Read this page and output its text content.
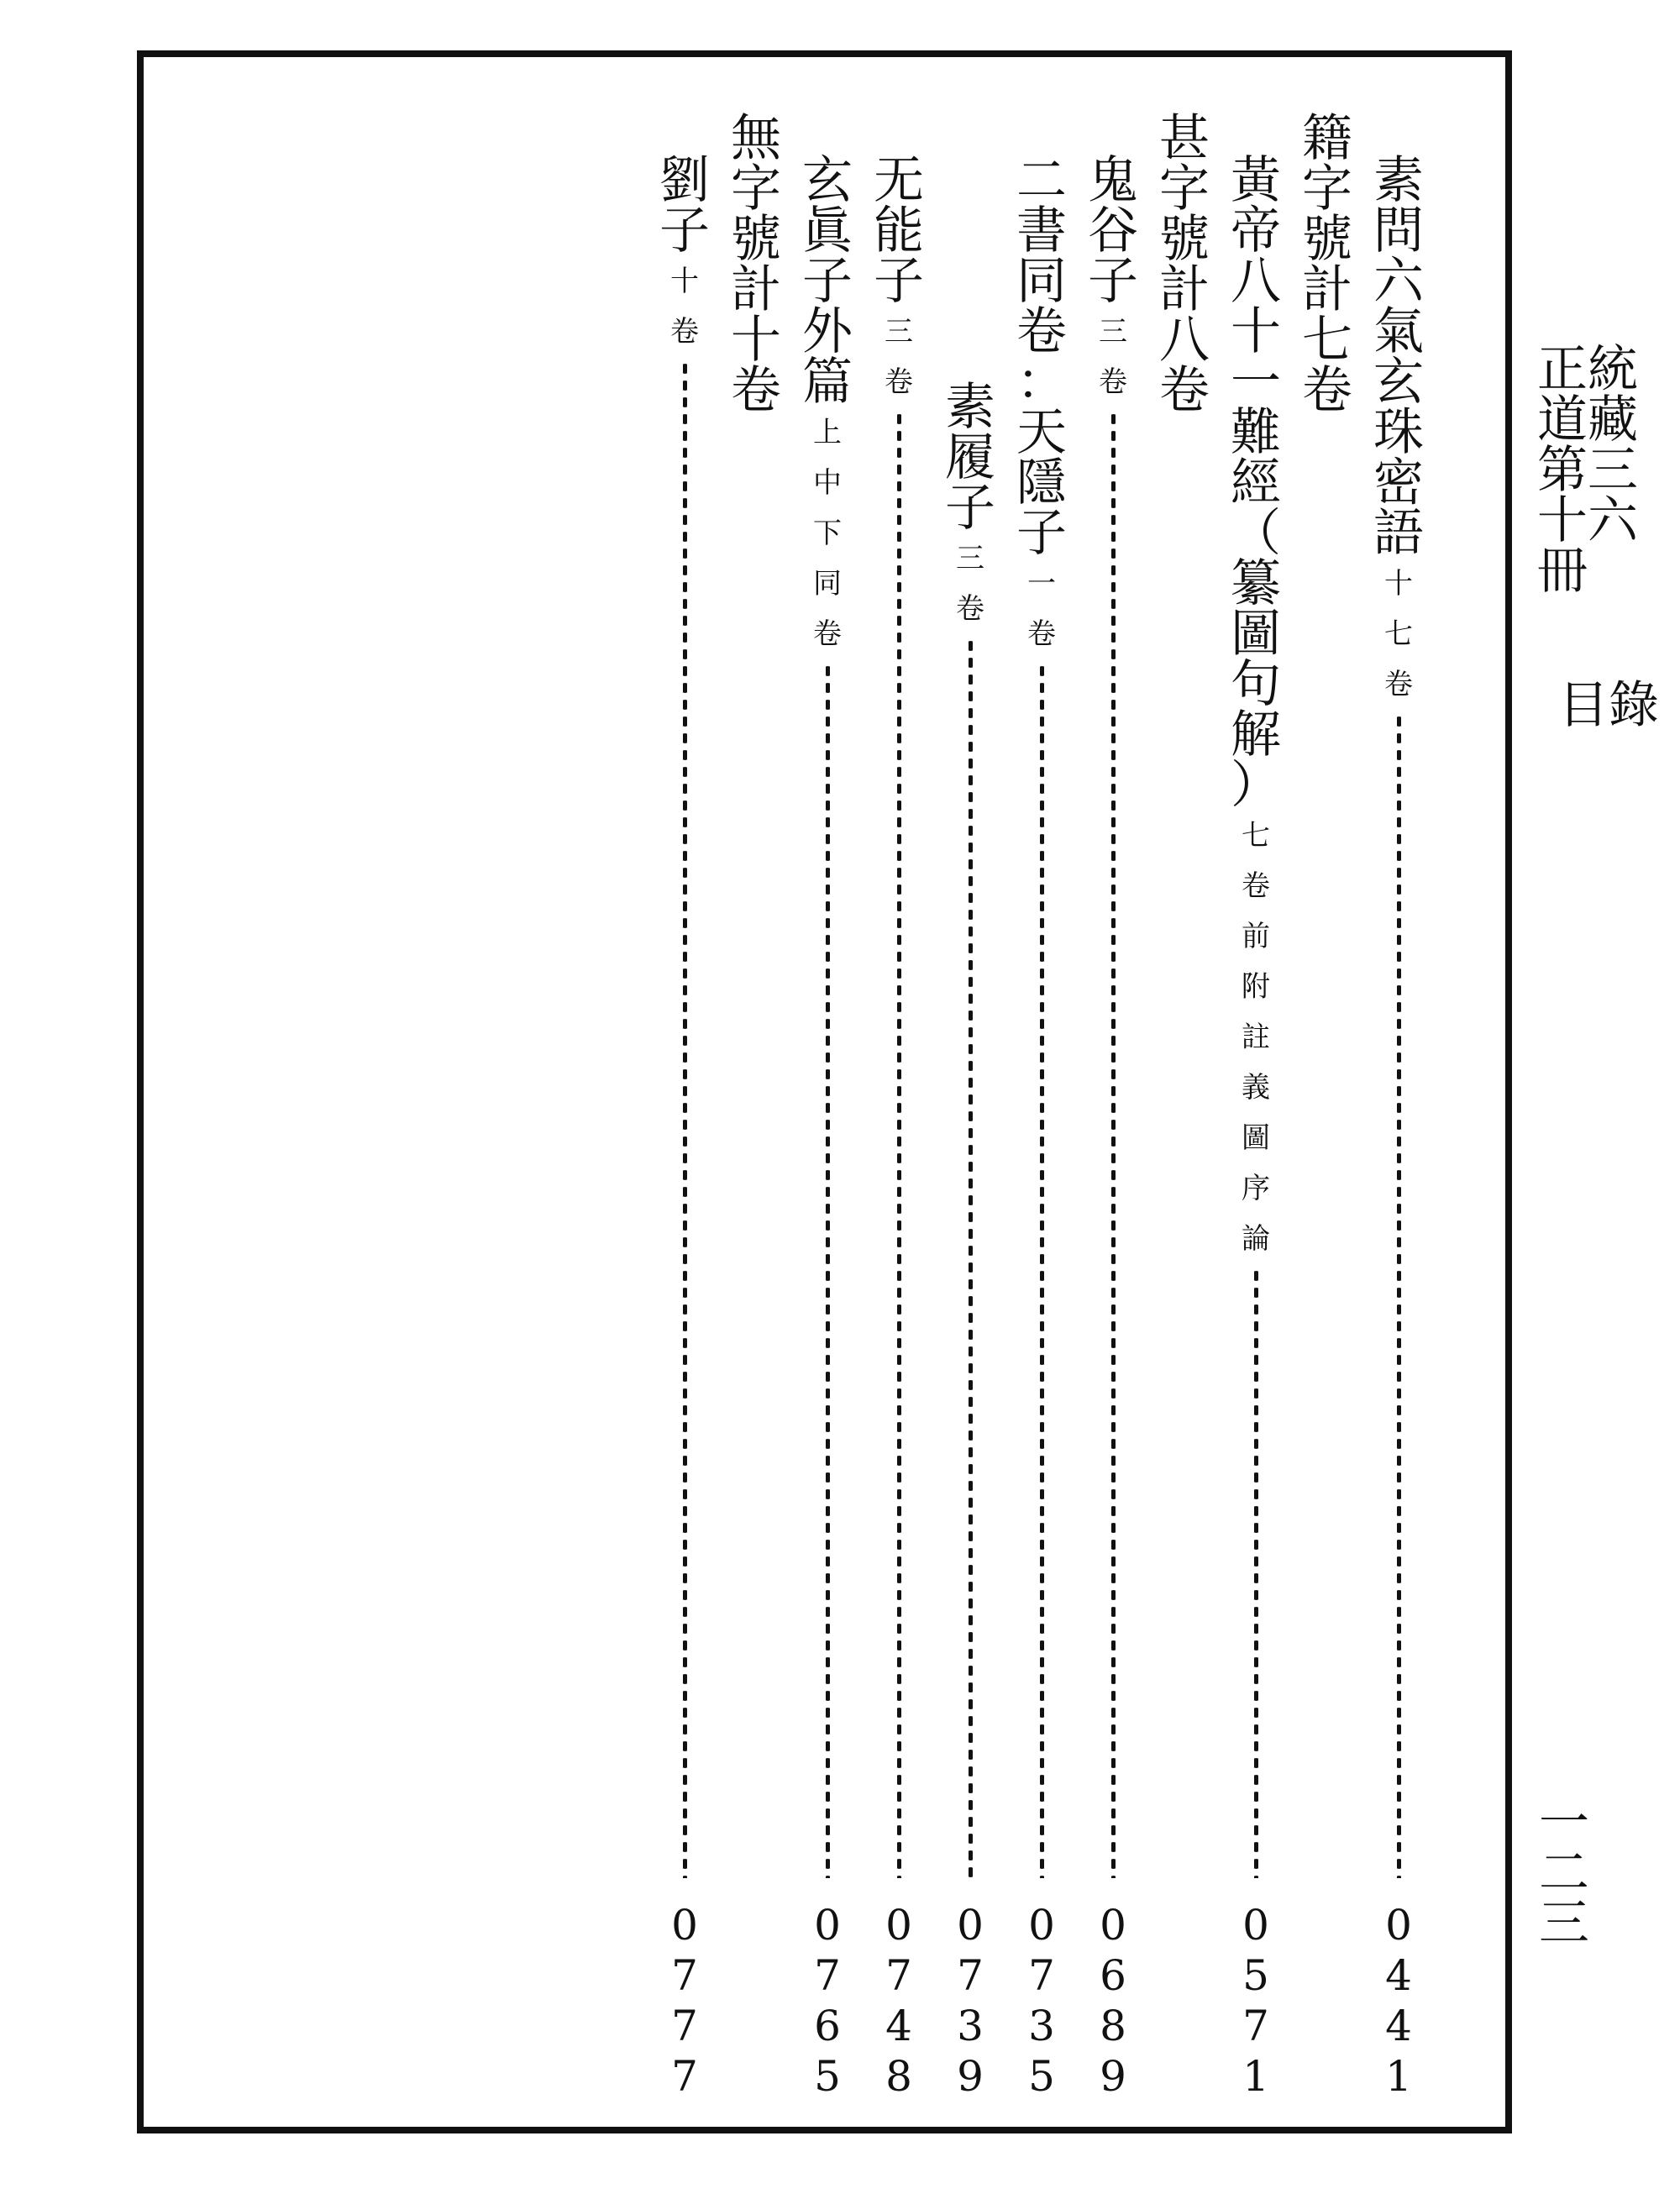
正統道藏第三十六冊
目錄
一
二
三
素
問
六
氣
玄
珠
密
語
十
七
卷
0
4
4
1
籍
字
號
計
七
卷
黃
帝
八
十
一
難
經
（
纂
圖
句
解
）
七
卷
前
附
註
義
圖
序
論
0
5
7
1
甚
字
號
計
八
卷
鬼
谷
子
三
卷
0
6
8
9
二
書
同
卷
：
天
隱
子
一
卷
0
7
3
5
素
履
子
三
卷
0
7
3
9
无
能
子
三
卷
0
7
4
8
玄
眞
子
外
篇
上
中
下
同
卷
0
7
6
5
無
字
號
計
十
卷
劉
子
十
卷
0
7
7
7
